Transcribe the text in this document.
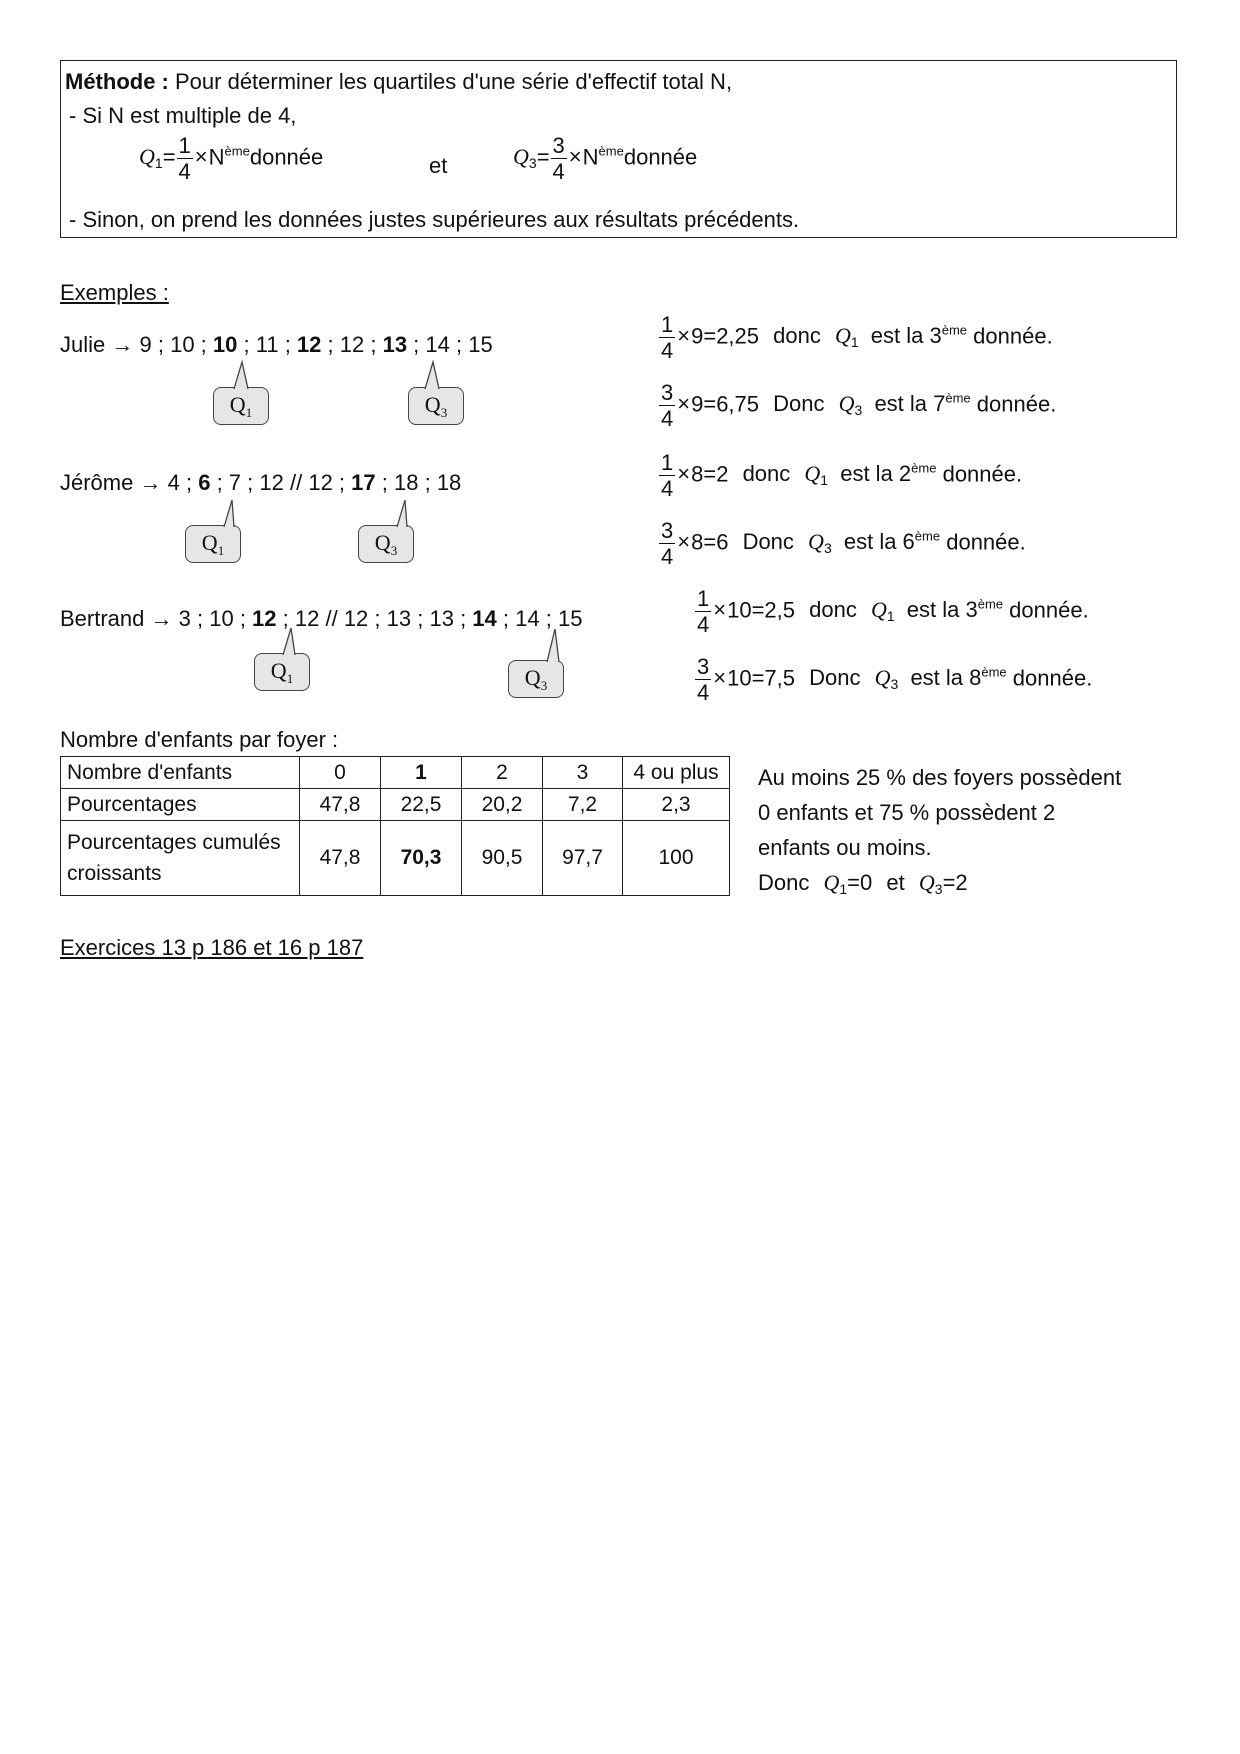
Méthode : Pour déterminer les quartiles d'une série d'effectif total N,
- Si N est multiple de 4,
$Q_1= \frac{1}{4}$ $\times N^{ème}donnée$	et	$Q_3= \frac{3}{4}$ $\times N^{ème}donnée$
- Sinon, on prend les données justes supérieures aux résultats précédents.
Exemples :
Julie → 9 ; 10 ; 10 ; 11 ; 12 ; 12 ; 13 ; 14 ; 15	$\frac{1}{4} \times 9=2,25$ donc $Q_1$ est la 3ème donnée.
$\frac{3}{4} \times 9=6,75$ Donc $Q_3$ est la 7ème donnée.
$Q_1$	$Q_3$
Jérôme → 4 ; 6 ; 7 ; 12 // 12 ; 17 ; 18 ; 18	$\frac{1}{4} \times 8=2$ donc $Q_1$ est la 2ème donnée.
$\frac{3}{4} \times 8=6$ Donc $Q_3$ est la 6ème donnée.
$Q_1$	$Q_3$
Bertrand → 3 ; 10 ; 12 ; 12 // 12 ; 13 ; 13 ; 14 ; 14 ; 15	$\frac{1}{4} \times 10=2,5$ donc $Q_1$ est la 3ème donnée.
$\frac{3}{4} \times 10=7,5$ Donc $Q_3$ est la 8ème donnée.
$Q_1$	$Q_3$
Nombre d'enfants par foyer :
Nombre d'enfants	0	1	2	3	4 ou plus
Pourcentages	47,8	22,5	20,2	7,2	2,3
Pourcentages cumulés
croissants	47,8	70,3	90,5	97,7	100
Au moins 25 % des foyers possèdent
0 enfants et 75 % possèdent 2
enfants ou moins.
Donc $Q_1=0$ et $Q_3=2$
Exercices 13 p 186 et 16 p 187
